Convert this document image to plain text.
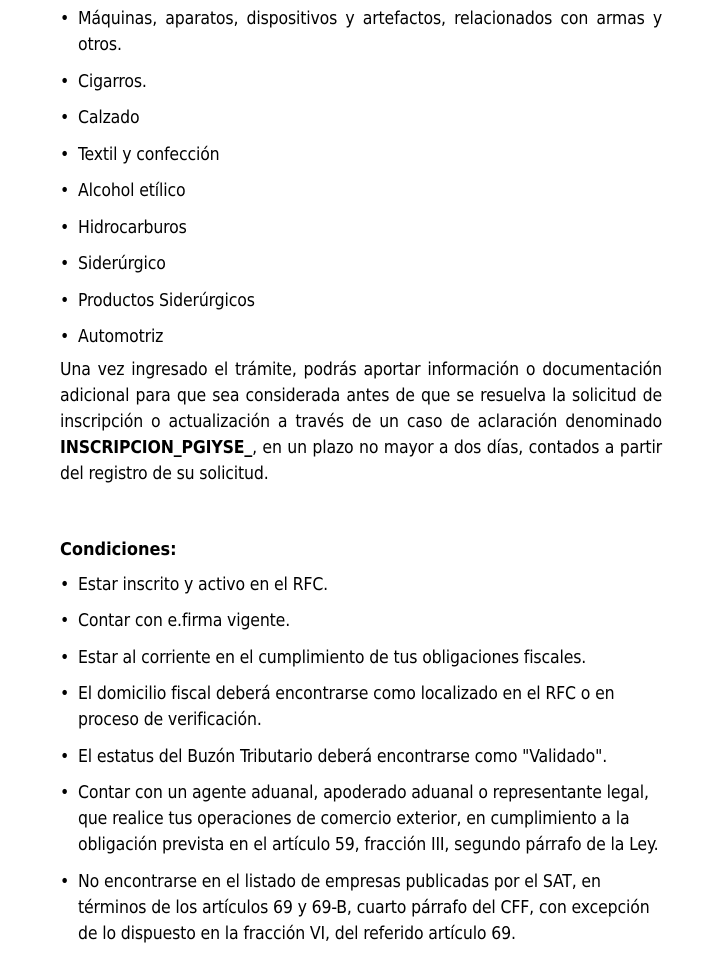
• Máquinas, aparatos, dispositivos y artefactos, relacionados con armas y otros.
• Cigarros.
• Calzado
• Textil y confección
• Alcohol etílico
• Hidrocarburos
• Siderúrgico
• Productos Siderúrgicos
• Automotriz

Una vez ingresado el trámite, podrás aportar información o documentación adicional para que sea considerada antes de que se resuelva la solicitud de inscripción o actualización a través de un caso de aclaración denominado INSCRIPCION_PGIYSE_, en un plazo no mayor a dos días, contados a partir del registro de su solicitud.

Condiciones:
• Estar inscrito y activo en el RFC.
• Contar con e.firma vigente.
• Estar al corriente en el cumplimiento de tus obligaciones fiscales.
• El domicilio fiscal deberá encontrarse como localizado en el RFC o en proceso de verificación.
• El estatus del Buzón Tributario deberá encontrarse como "Validado".
• Contar con un agente aduanal, apoderado aduanal o representante legal, que realice tus operaciones de comercio exterior, en cumplimiento a la obligación prevista en el artículo 59, fracción III, segundo párrafo de la Ley.
• No encontrarse en el listado de empresas publicadas por el SAT, en términos de los artículos 69 y 69-B, cuarto párrafo del CFF, con excepción de lo dispuesto en la fracción VI, del referido artículo 69.
